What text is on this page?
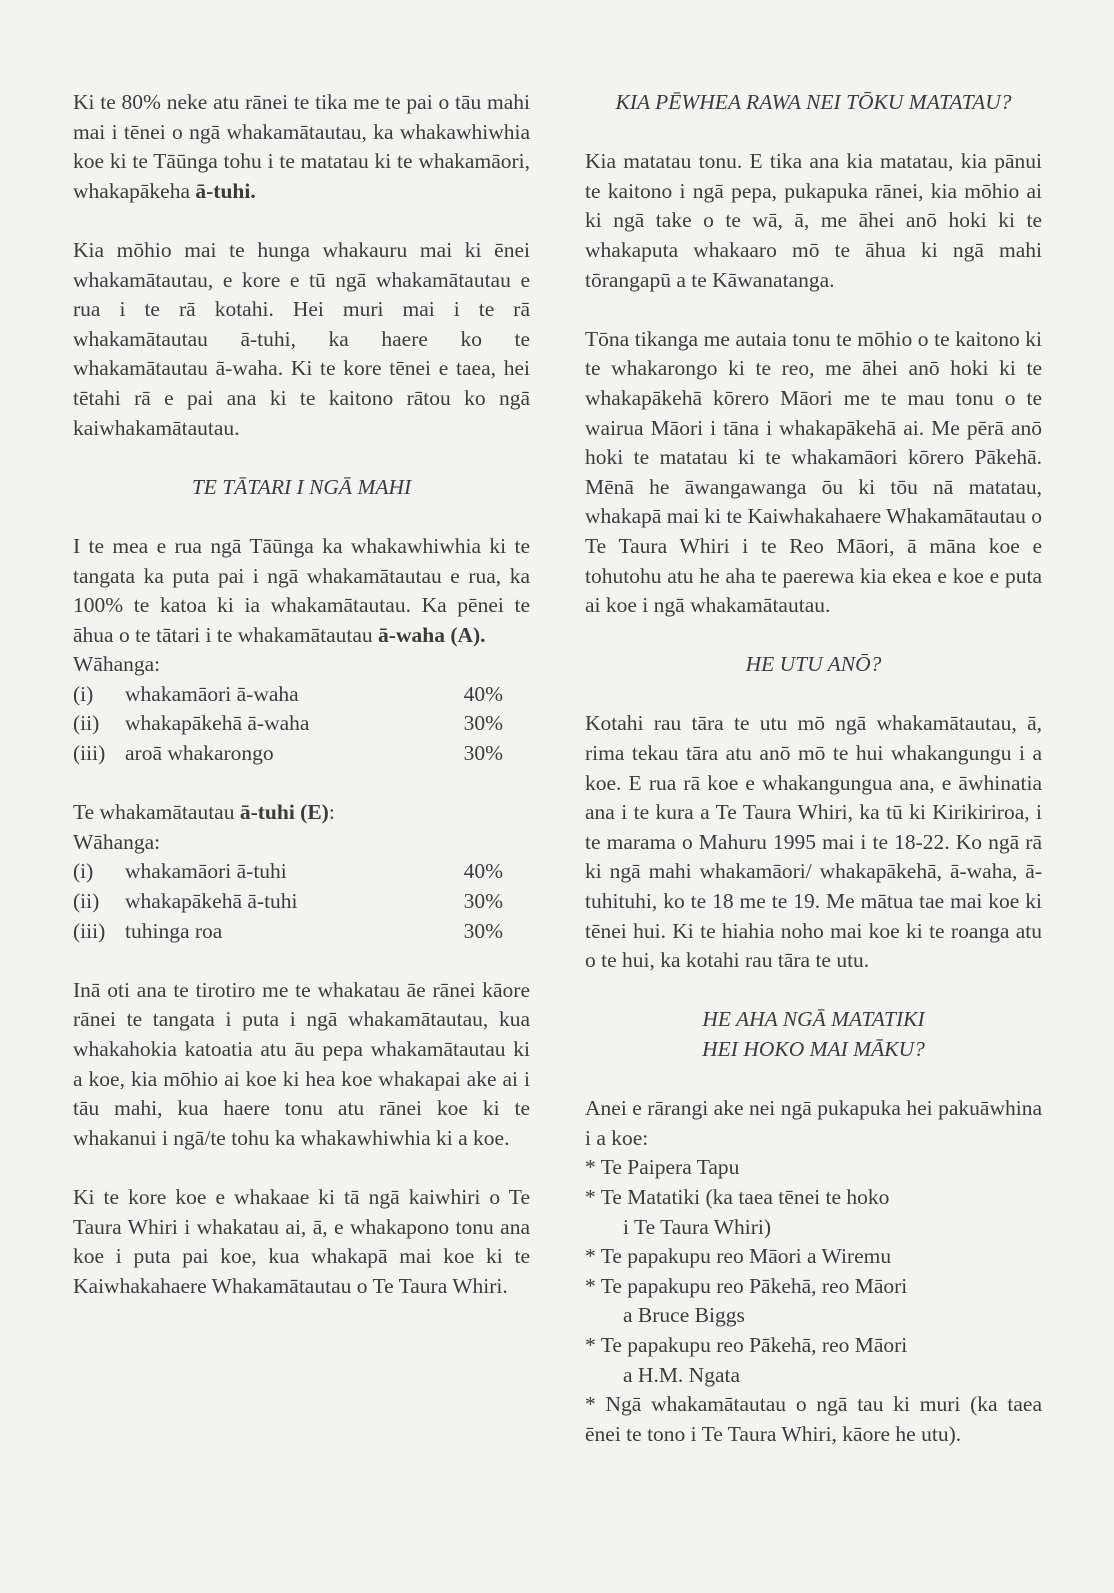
Ki te 80% neke atu rānei te tika me te pai o tāu mahi mai i tēnei o ngā whakamātautau, ka whakawhiwhia koe ki te Tāūnga tohu i te matatau ki te whakamāori, whakapākeha ā-tuhi.

Kia mōhio mai te hunga whakauru mai ki ēnei whakamātautau, e kore e tū ngā whakamātautau e rua i te rā kotahi. Hei muri mai i te rā whakamātautau ā-tuhi, ka haere ko te whakamātautau ā-waha. Ki te kore tēnei e taea, hei tētahi rā e pai ana ki te kaitono rātou ko ngā kaiwhakamātautau.

TE TĀTARI I NGĀ MAHI

I te mea e rua ngā Tāūnga ka whakawhiwhia ki te tangata ka puta pai i ngā whakamātautau e rua, ka 100% te katoa ki ia whakamātautau. Ka pēnei te āhua o te tātari i te whakamātautau ā-waha (A).

Wāhanga:

(i)	whakamāori ā-waha	40%
(ii)	whakapākehā ā-waha	30%
(iii)	aroā whakarongo	30%

Te whakamātautau ā-tuhi (E):

Wāhanga:

(i)	whakamāori ā-tuhi	40%
(ii)	whakapākehā ā-tuhi	30%
(iii)	tuhinga roa	30%

Inā oti ana te tirotiro me te whakatau āe rānei kāore rānei te tangata i puta i ngā whakamātautau, kua whakahokia katoatia atu āu pepa whakamātautau ki a koe, kia mōhio ai koe ki hea koe whakapai ake ai i tāu mahi, kua haere tonu atu rānei koe ki te whakanui i ngā/te tohu ka whakawhiwhia ki a koe.

Ki te kore koe e whakaae ki tā ngā kaiwhiri o Te Taura Whiri i whakatau ai, ā, e whakapono tonu ana koe i puta pai koe, kua whakapā mai koe ki te Kaiwhakahaere Whakamātautau o Te Taura Whiri.

KIA PĒWHEA RAWA NEI TŌKU MATATAU?

Kia matatau tonu. E tika ana kia matatau, kia pānui te kaitono i ngā pepa, pukapuka rānei, kia mōhio ai ki ngā take o te wā, ā, me āhei anō hoki ki te whakaputa whakaaro mō te āhua ki ngā mahi tōrangapū a te Kāwanatanga.

Tōna tikanga me autaia tonu te mōhio o te kaitono ki te whakarongo ki te reo, me āhei anō hoki ki te whakapākehā kōrero Māori me te mau tonu o te wairua Māori i tāna i whakapākehā ai. Me pērā anō hoki te matatau ki te whakamāori kōrero Pākehā. Mēnā he āwangawanga ōu ki tōu nā matatau, whakapā mai ki te Kaiwhakahaere Whakamātautau o Te Taura Whiri i te Reo Māori, ā māna koe e tohutohu atu he aha te paerewa kia ekea e koe e puta ai koe i ngā whakamātautau.

HE UTU ANŌ?

Kotahi rau tāra te utu mō ngā whakamātautau, ā, rima tekau tāra atu anō mō te hui whakangungu i a koe. E rua rā koe e whakangungua ana, e āwhinatia ana i te kura a Te Taura Whiri, ka tū ki Kirikiriroa, i te marama o Mahuru 1995 mai i te 18-22. Ko ngā rā ki ngā mahi whakamāori/ whakapākehā, ā-waha, ā-tuhituhi, ko te 18 me te 19. Me mātua tae mai koe ki tēnei hui. Ki te hiahia noho mai koe ki te roanga atu o te hui, ka kotahi rau tāra te utu.

HE AHA NGĀ MATATIKI

HEI HOKO MAI MĀKU?

Anei e rārangi ake nei ngā pukapuka hei pakuāwhina i a koe:

* Te Paipera Tapu

* Te Matatiki (ka taea tēnei te hoko

i Te Taura Whiri)

* Te papakupu reo Māori a Wiremu

* Te papakupu reo Pākehā, reo Māori

a Bruce Biggs

* Te papakupu reo Pākehā, reo Māori

a H.M. Ngata

* Ngā whakamātautau o ngā tau ki muri (ka taea ēnei te tono i Te Taura Whiri, kāore he utu).
